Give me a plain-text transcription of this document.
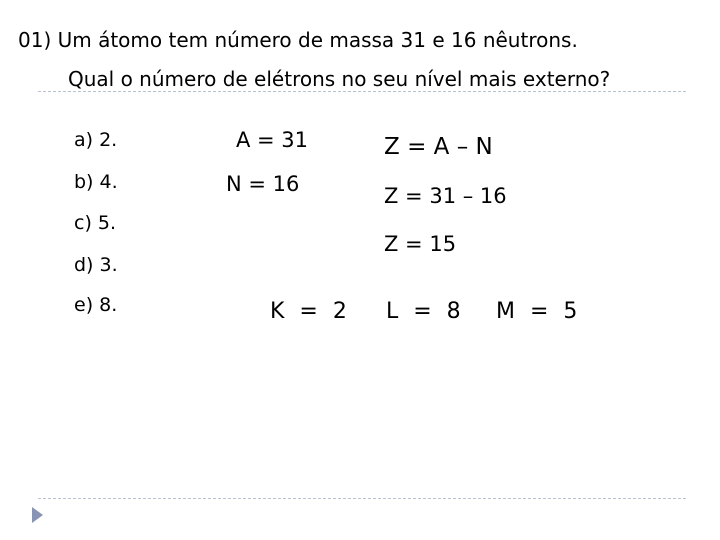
01) Um átomo tem número de massa 31 e 16 nêutrons.
Qual o número de elétrons no seu nível mais externo?
a) 2.
b) 4.
c) 5.
d) 3.
e) 8.
A = 31
N = 16
Z = A – N
Z = 31 – 16
Z = 15
K = 2 L = 8 M = 5
